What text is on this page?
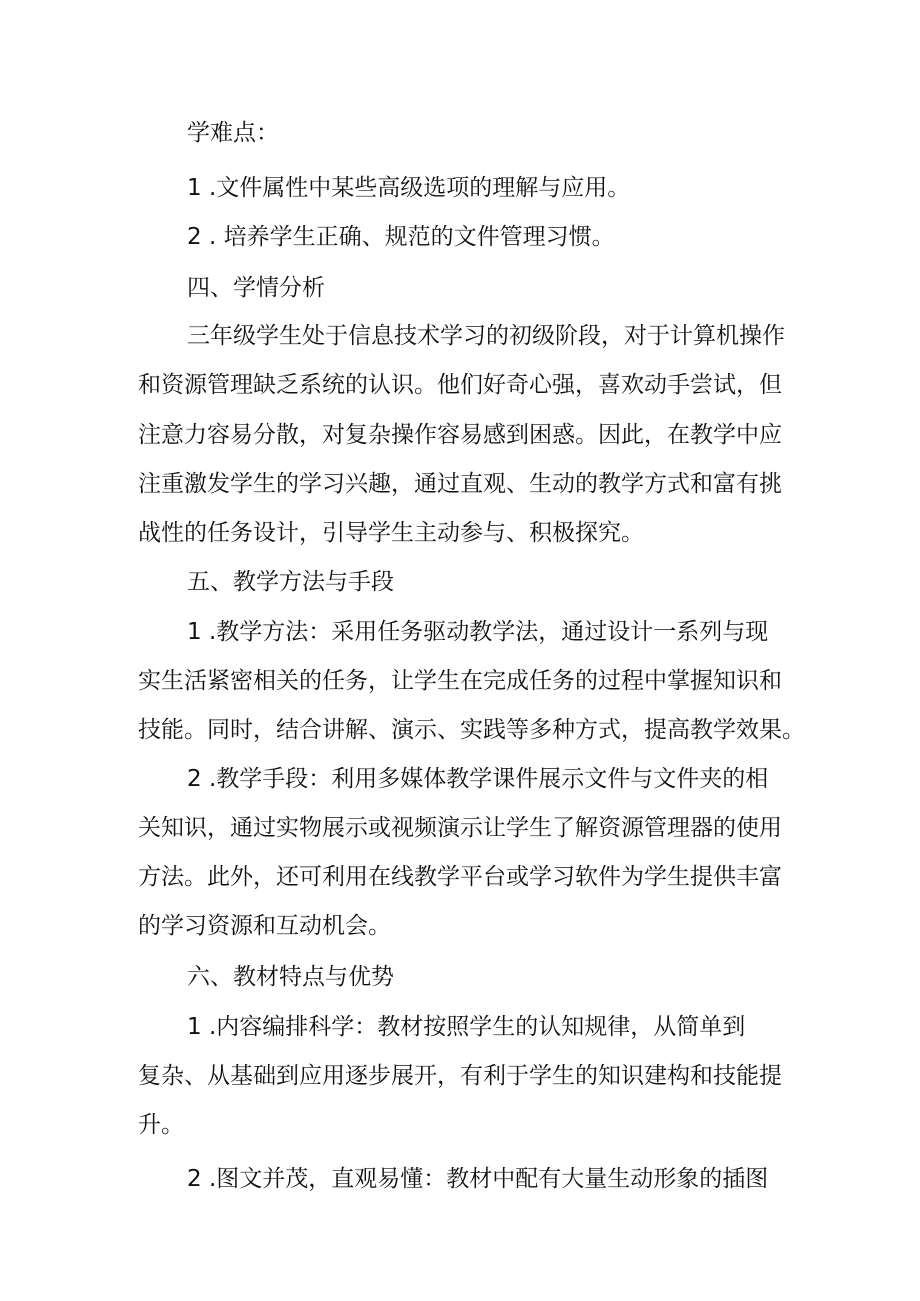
学难点：
1 .文件属性中某些高级选项的理解与应用。
2 . 培养学生正确、规范的文件管理习惯。
四、学情分析
三年级学生处于信息技术学习的初级阶段，对于计算机操作
和资源管理缺乏系统的认识。他们好奇心强，喜欢动手尝试，但
注意力容易分散，对复杂操作容易感到困惑。因此，在教学中应
注重激发学生的学习兴趣，通过直观、生动的教学方式和富有挑
战性的任务设计，引导学生主动参与、积极探究。
五、教学方法与手段
1 .教学方法：采用任务驱动教学法，通过设计一系列与现
实生活紧密相关的任务，让学生在完成任务的过程中掌握知识和
技能。同时，结合讲解、演示、实践等多种方式，提高教学效果。
2 .教学手段：利用多媒体教学课件展示文件与文件夹的相
关知识，通过实物展示或视频演示让学生了解资源管理器的使用
方法。此外，还可利用在线教学平台或学习软件为学生提供丰富
的学习资源和互动机会。
六、教材特点与优势
1 .内容编排科学：教材按照学生的认知规律，从简单到
复杂、从基础到应用逐步展开，有利于学生的知识建构和技能提
升。
2 .图文并茂，直观易懂：教材中配有大量生动形象的插图
